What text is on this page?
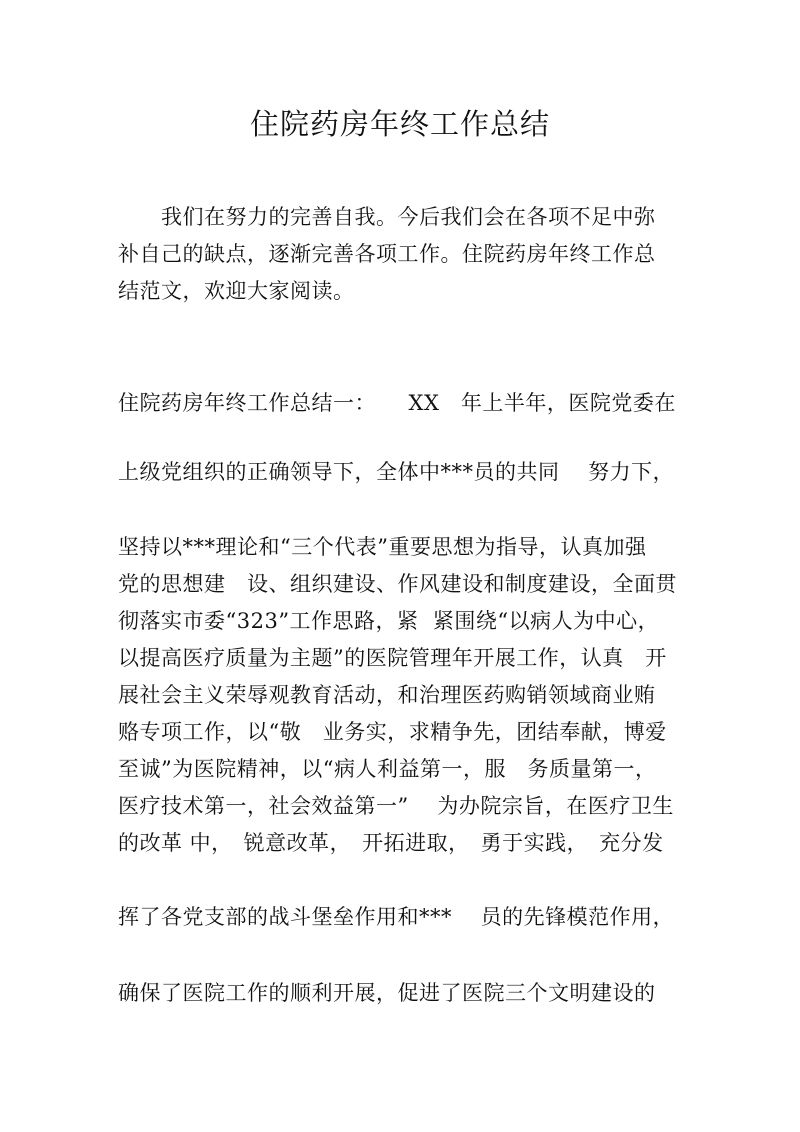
住院药房年终工作总结

　　我们在努力的完善自我。今后我们会在各项不足中弥

补自己的缺点，逐渐完善各项工作。住院药房年终工作总

结范文，欢迎大家阅读。

住院药房年终工作总结一：　　XX　年上半年，医院党委在

上级党组织的正确领导下，全体中***员的共同　 努力下，

坚持以***理论和“三个代表”重要思想为指导，认真加强

党的思想建　设、组织建设、作风建设和制度建设，全面贯

彻落实市委“323”工作思路，紧  紧围绕“以病人为中心，

以提高医疗质量为主题”的医院管理年开展工作，认真　开

展社会主义荣辱观教育活动，和治理医药购销领域商业贿

赂专项工作，以“敬　业务实，求精争先，团结奉献，博爱

至诚”为医院精神，以“病人利益第一，服　务质量第一，

医疗技术第一，社会效益第一”　 为办院宗旨，在医疗卫生

的改革 中，　锐意改革，　开拓进取，　勇于实践，　充分发

挥了各党支部的战斗堡垒作用和***　 员的先锋模范作用，

确保了医院工作的顺利开展，促进了医院三个文明建设的
